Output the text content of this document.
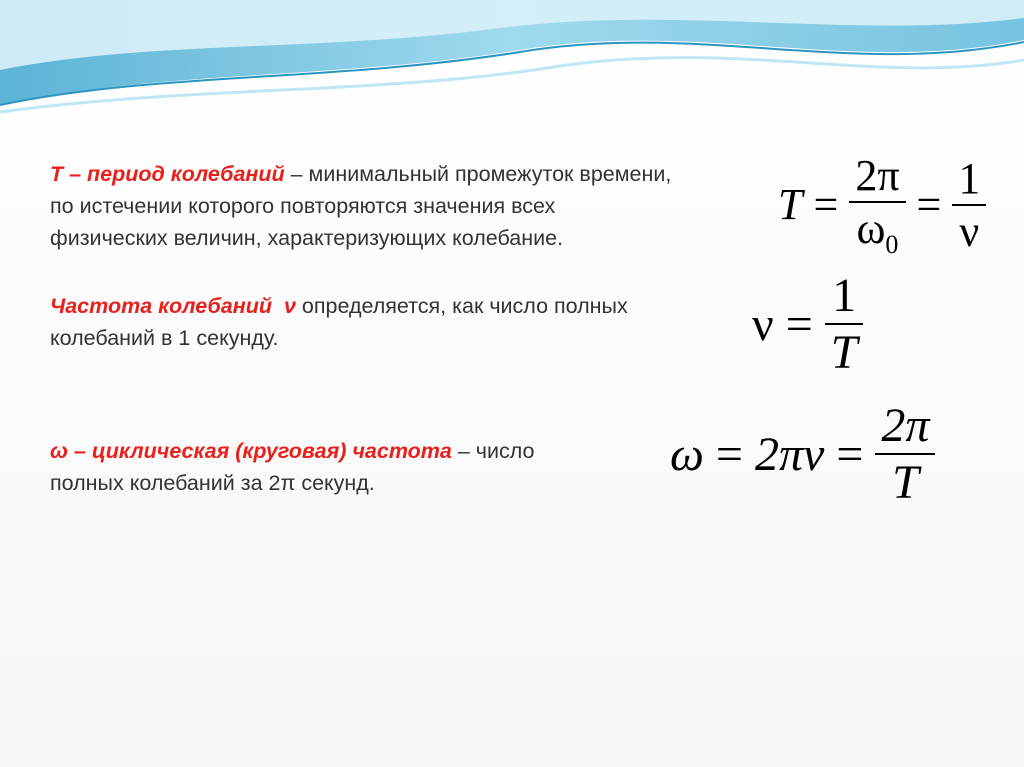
Т – период колебаний – минимальный промежуток времени,
по истечении которого повторяются значения всех
физических величин, характеризующих колебание.
Частота колебаний ν определяется, как число полных
колебаний в 1 секунду.
ω – циклическая (круговая) частота – число
полных колебаний за 2π секунд.
$T = \frac{2\pi}{\omega_0} = \frac{1}{\nu}$
$\nu = \frac{1}{T}$
$\omega = 2\pi\nu = \frac{2\pi}{T}$
